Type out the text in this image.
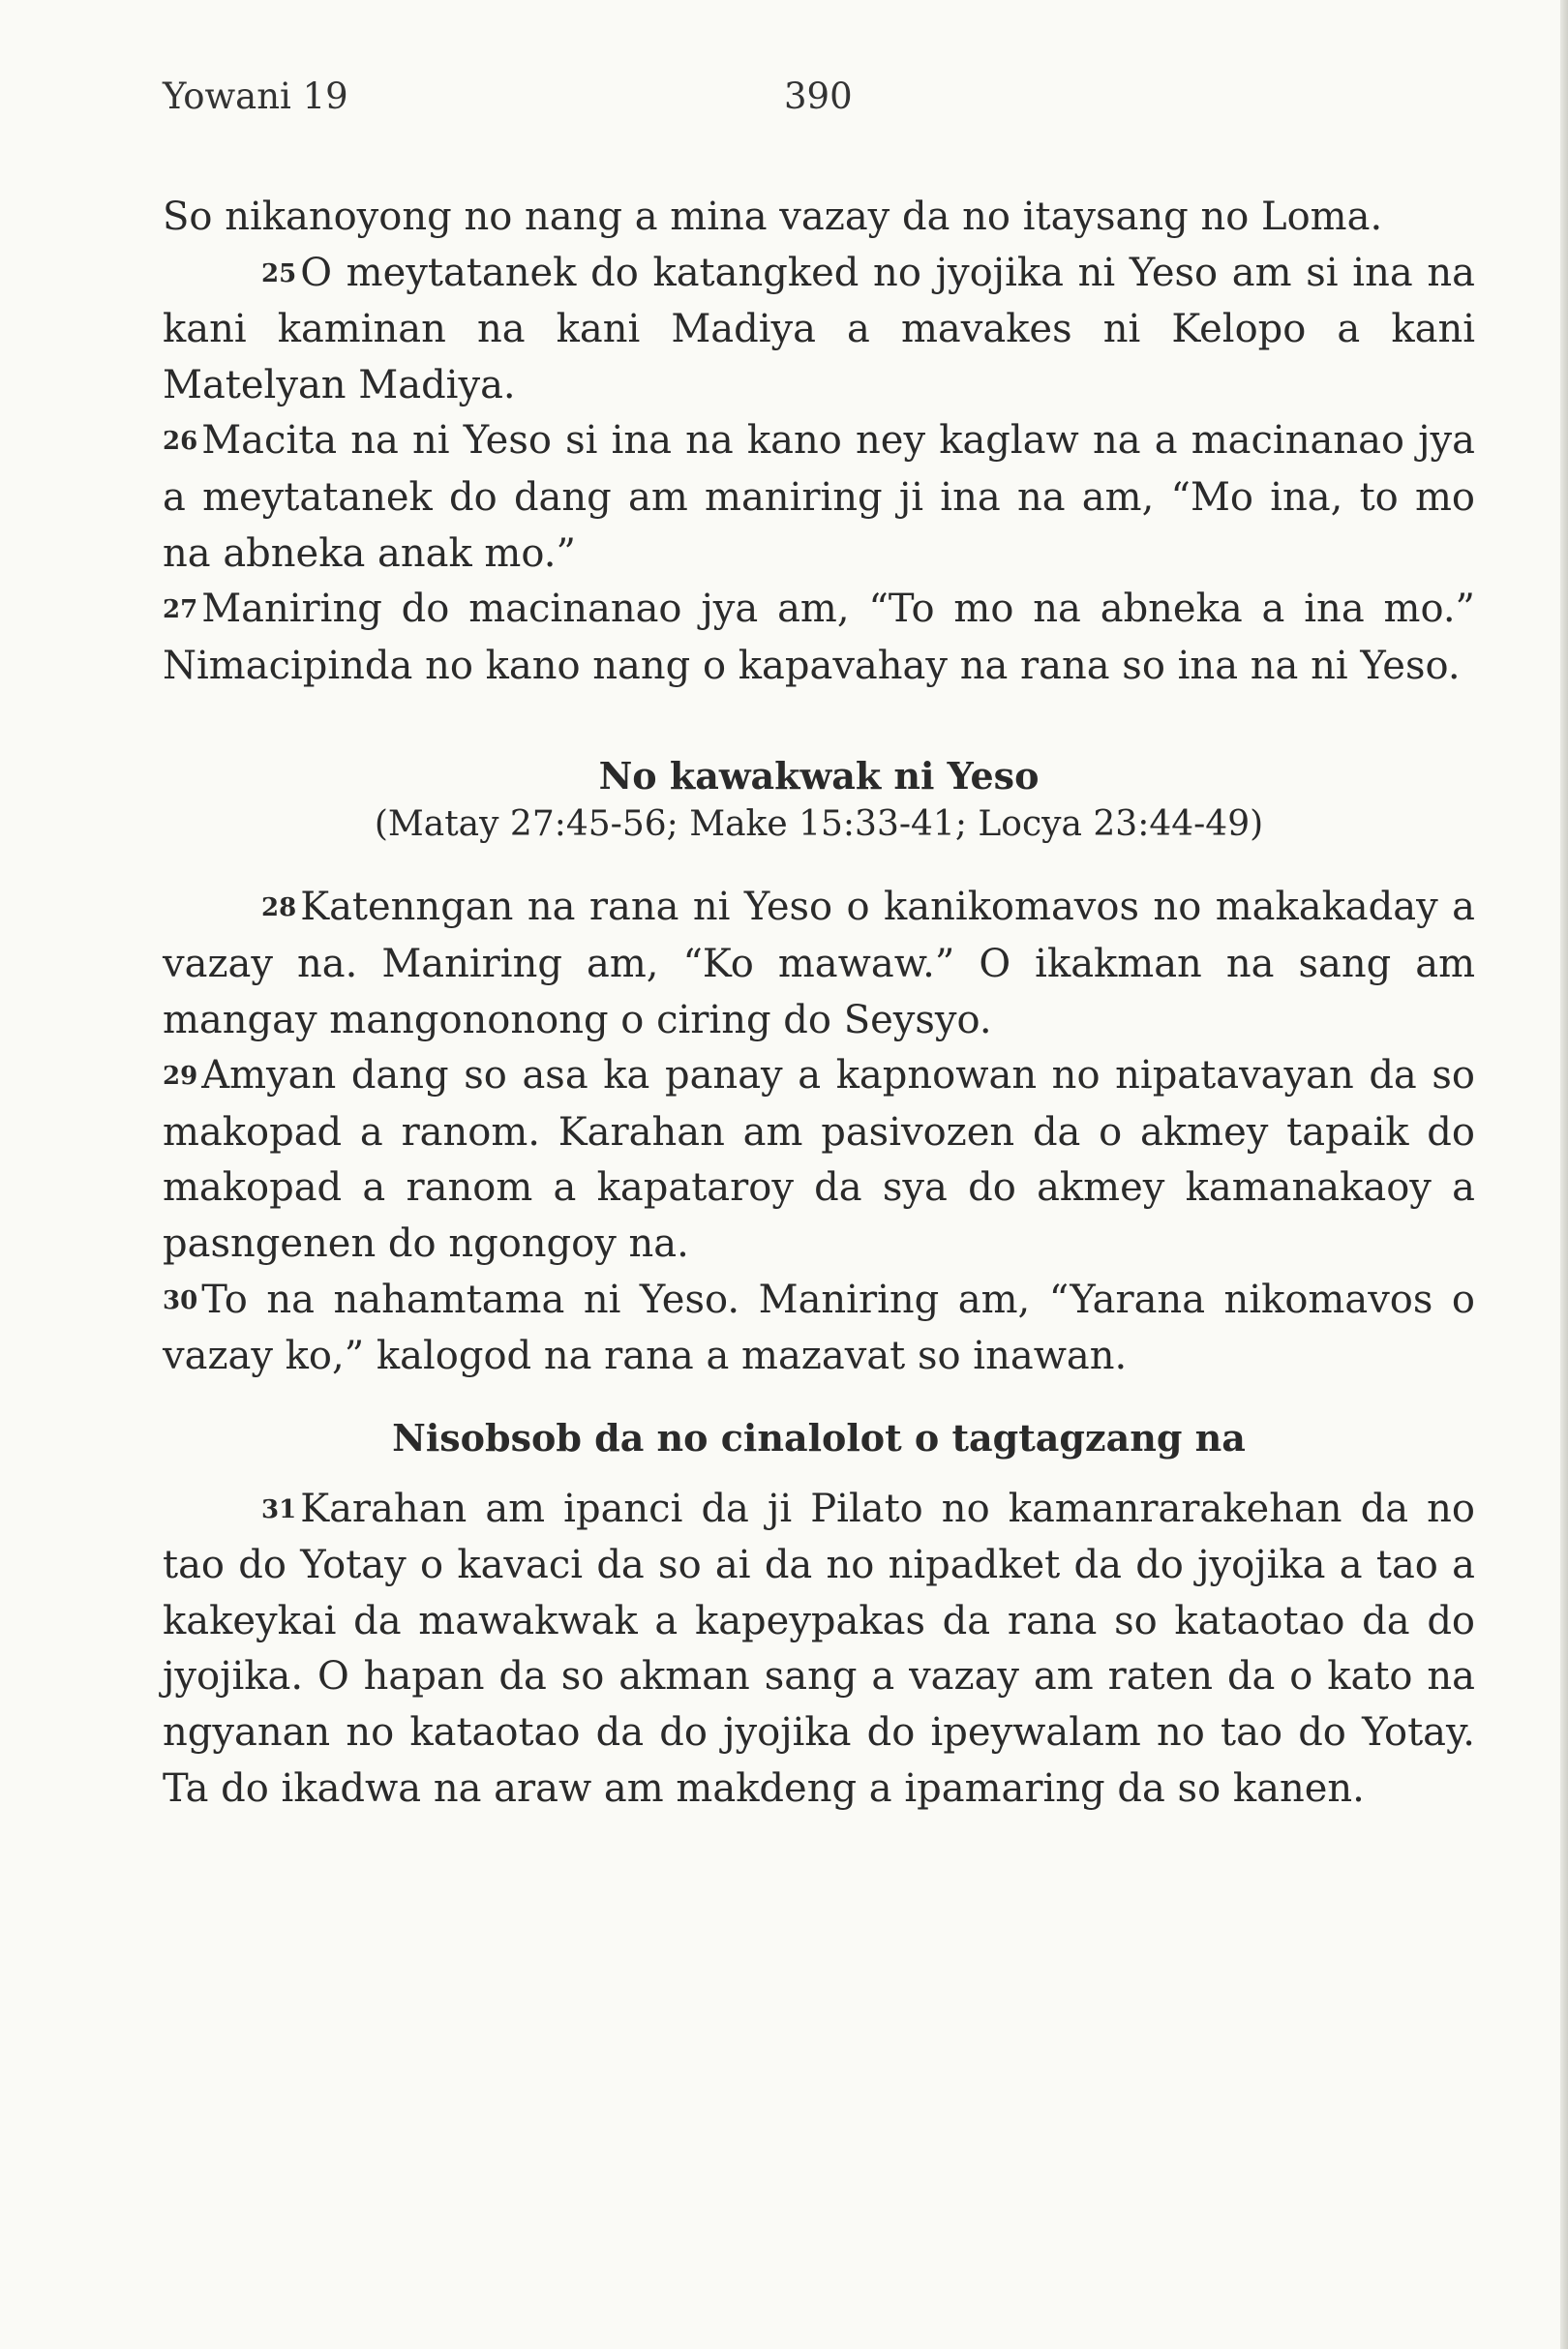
Yowani 19	390

So nikanoyong no nang a mina vazay da no itaysang no Loma.

25 O meytatanek do katangked no jyojika ni Yeso am si ina na kani kaminan na kani Madiya a mavakes ni Kelopo a kani Matelyan Madiya.

26 Macita na ni Yeso si ina na kano ney kaglaw na a macinanao jya a meytatanek do dang am maniring ji ina na am, “Mo ina, to mo na abneka anak mo.”

27 Maniring do macinanao jya am, “To mo na abneka a ina mo.” Nimacipinda no kano nang o kapavahay na rana so ina na ni Yeso.

No kawakwak ni Yeso

(Matay 27:45-56; Make 15:33-41; Locya 23:44-49)

28 Katenngan na rana ni Yeso o kanikomavos no makakaday a vazay na. Maniring am, “Ko mawaw.” O ikakman na sang am mangay mangononong o ciring do Seysyo.

29 Amyan dang so asa ka panay a kapnowan no nipatavayan da so makopad a ranom. Karahan am pasivozen da o akmey tapaik do makopad a ranom a kapataroy da sya do akmey kamanakaoy a pasngenen do ngongoy na.

30 To na nahamtama ni Yeso. Maniring am, “Yarana nikomavos o vazay ko,” kalogod na rana a mazavat so inawan.

Nisobsob da no cinalolot o tagtagzang na

31 Karahan am ipanci da ji Pilato no kamanrarakehan da no tao do Yotay o kavaci da so ai da no nipadket da do jyojika a tao a kakeykai da mawakwak a kapeypakas da rana so kataotao da do jyojika. O hapan da so akman sang a vazay am raten da o kato na ngyanan no kataotao da do jyojika do ipeywalam no tao do Yotay. Ta do ikadwa na araw am makdeng a ipamaring da so kanen.
